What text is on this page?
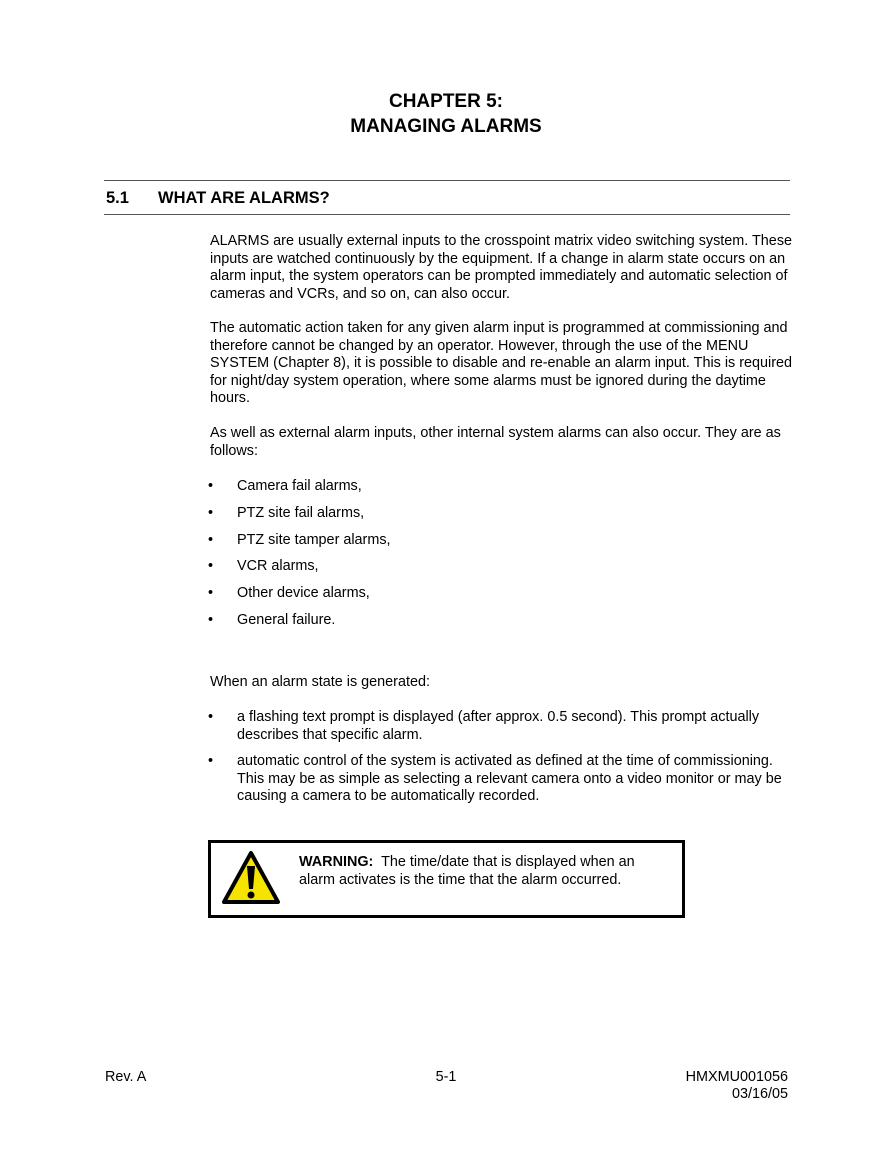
CHAPTER 5:
MANAGING ALARMS
5.1 WHAT ARE ALARMS?

ALARMS are usually external inputs to the crosspoint matrix video switching system. These inputs are watched continuously by the equipment. If a change in alarm state occurs on an alarm input, the system operators can be prompted immediately and automatic selection of cameras and VCRs, and so on, can also occur.

The automatic action taken for any given alarm input is programmed at commissioning and therefore cannot be changed by an operator. However, through the use of the MENU SYSTEM (Chapter 8), it is possible to disable and re-enable an alarm input. This is required for night/day system operation, where some alarms must be ignored during the daytime hours.

As well as external alarm inputs, other internal system alarms can also occur. They are as follows:

• Camera fail alarms,

• PTZ site fail alarms,

• PTZ site tamper alarms,

• VCR alarms,

• Other device alarms,

• General failure.

When an alarm state is generated:

• a flashing text prompt is displayed (after approx. 0.5 second). This prompt actually describes that specific alarm.

• automatic control of the system is activated as defined at the time of commissioning. This may be as simple as selecting a relevant camera onto a video monitor or may be causing a camera to be automatically recorded.

WARNING: The time/date that is displayed when an alarm activates is the time that the alarm occurred.

Rev. A	5-1	HMXMU001056
03/16/05
